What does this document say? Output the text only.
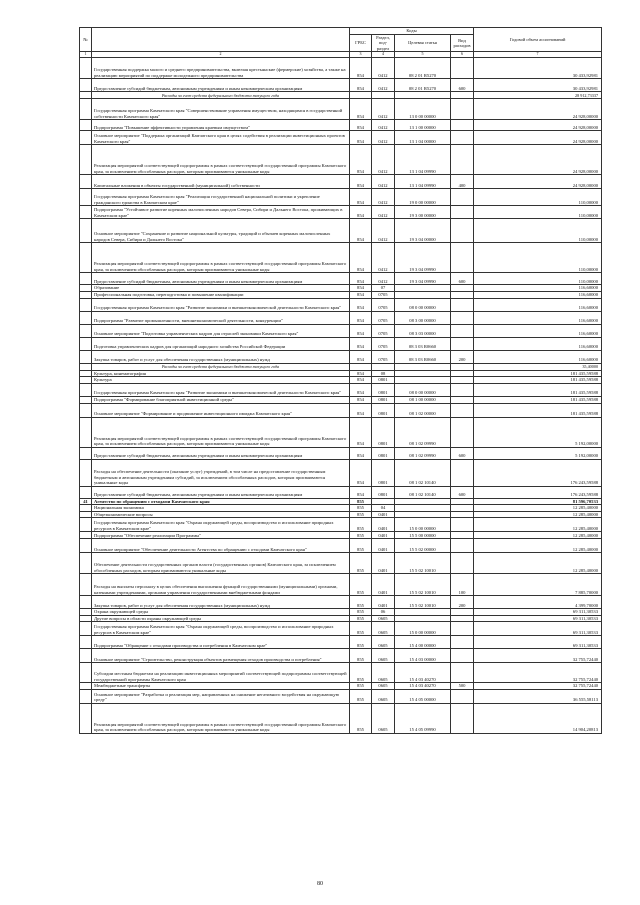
№		Коды				Годовой объем ассигнований
		ГРБС	Раздел, под-раздел	Целевая статья	Вид расходов	
1	2	3	4	5	6	7
	Государственная поддержка малого и среднего предпринимательства, включая крестьянские (фермерские) хозяйства, а также на реализацию мероприятий по поддержке молодежного предпринимательства	854	0412	08 2 01 R5270		30 433,92981
	Предоставление субсидий бюджетным, автономным учреждениям и иным некоммерческим организациям	854	0412	08 2 01 R5270	600	30 433,92981
	Расходы за счет средств федерального бюджета текущего года					28 912,73337
	Государственная программа Камчатского края "Совершенствование управления имуществом, находящимся в государственной собственности Камчатского края"	854	0412	13 0 00 00000		24 928,00000
	Подпрограмма "Повышение эффективности управления краевым имуществом"	854	0412	13 1 00 00000		24 928,00000
	Основное мероприятие "Поддержка организаций Камчатского края в целях содействия в реализации инвестиционных проектов Камчатского края"	854	0412	13 1 04 00000		24 928,00000
	Реализация мероприятий соответствующей подпрограммы в рамках соответствующей государственной программы Камчатского края, за исключением обособленных расходов, которым присваиваются уникальные коды	854	0412	13 1 04 09990		24 928,00000
	Капитальные вложения в объекты государственной (муниципальной) собственности	854	0412	13 1 04 09990	400	24 928,00000
	Государственная программа Камчатского края "Реализация государственной национальной политики и укрепление гражданского единства в Камчатском крае"	854	0412	19 0 00 00000		110,00000
	Подпрограмма "Устойчивое развитие коренных малочисленных народов Севера, Сибири и Дальнего Востока, проживающих в Камчатском крае"	854	0412	19 3 00 00000		110,00000
	Основное мероприятие "Сохранение и развитие национальной культуры, традиций и обычаев коренных малочисленных народов Севера, Сибири и Дальнего Востока"	854	0412	19 3 04 00000		110,00000
	Реализация мероприятий соответствующей подпрограммы в рамках соответствующей государственной программы Камчатского края, за исключением обособленных расходов, которым присваиваются уникальные коды	854	0412	19 3 04 09990		110,00000
	Предоставление субсидий бюджетным, автономным учреждениям и иным некоммерческим организациям	854	0412	19 3 04 09990	600	110,00000
	Образование	854	07			116,60000
	Профессиональная подготовка, переподготовка и повышение квалификации	854	0705			116,60000
	Государственная программа Камчатского края "Развитие экономики и внешнеэкономической деятельности Камчатского края"	854	0705	08 0 00 00000		116,60000
	Подпрограмма "Развитие промышленности, внешнеэкономической деятельности, конкуренции"	854	0705	08 3 00 00000		116,60000
	Основное мероприятие "Подготовка управленческих кадров для отраслей экономики Камчатского края"	854	0705	08 3 03 00000		116,60000
	Подготовка управленческих кадров для организаций народного хозяйства Российской Федерации	854	0705	08 3 03 R0660		116,60000
	Закупка товаров, работ и услуг для обеспечения государственных (муниципальных) нужд	854	0705	08 3 03 R0660	200	116,60000
	Расходы за счет средств федерального бюджета текущего года					35,40000
	Культура, кинематография	854	08			181 435,59588
	Культура	854	0801			181 435,59588
	Государственная программа Камчатского края "Развитие экономики и внешнеэкономической деятельности Камчатского края"	854	0801	08 0 00 00000		181 435,59588
	Подпрограмма "Формирование благоприятной инвестиционной среды"	854	0801	08 1 00 00000		181 435,59588
	Основное мероприятие "Формирование и продвижение инвестиционного имиджа Камчатского края"	854	0801	08 1 02 00000		181 435,59588
	Реализация мероприятий соответствующей подпрограммы в рамках соответствующей государственной программы Камчатского края, за исключением обособленных расходов, которым присваиваются уникальные коды	854	0801	08 1 02 09990		5 192,00000
	Предоставление субсидий бюджетным, автономным учреждениям и иным некоммерческим организациям	854	0801	08 1 02 09990	600	5 192,00000
	Расходы на обеспечение деятельности (оказание услуг) учреждений, в том числе на предоставление государственным бюджетным и автономным учреждениям субсидий, за исключением обособленных расходов, которым присваиваются уникальные коды	854	0801	08 1 02 10140		176 243,59588
	Предоставление субсидий бюджетным, автономным учреждениям и иным некоммерческим организациям	854	0801	08 1 02 10140	600	176 243,59588
41	Агентство по обращению с отходами Камчатского края	855				81 596,70533
	Национальная экономика	855	04			12 285,40000
	Общеэкономические вопросы	855	0401			12 285,40000
	Государственная программа Камчатского края "Охрана окружающей среды, воспроизводство и использование природных ресурсов в Камчатском крае"	855	0401	15 0 00 00000		12 285,40000
	Подпрограмма "Обеспечение реализации Программы"	855	0401	15 5 00 00000		12 285,40000
	Основное мероприятие "Обеспечение деятельности Агентства по обращению с отходами Камчатского края"	855	0401	15 5 02 00000		12 285,40000
	Обеспечение деятельности государственных органов власти (государственных органов) Камчатского края, за исключением обособленных расходов, которым присваиваются уникальные коды	855	0401	15 5 02 10010		12 285,40000
	Расходы на выплаты персоналу в целях обеспечения выполнения функций государственными (муниципальными) органами, казенными учреждениями, органами управления государственными внебюджетными фондами	855	0401	15 5 02 10010	100	7 885,70000
	Закупка товаров, работ и услуг для обеспечения государственных (муниципальных) нужд	855	0401	15 5 02 10010	200	4 399,70000
	Охрана окружающей среды	855	06			69 311,30533
	Другие вопросы в области охраны окружающей среды	855	0605			69 311,30533
	Государственная программа Камчатского края "Охрана окружающей среды, воспроизводство и использование природных ресурсов в Камчатском крае"	855	0605	15 0 00 00000		69 311,30533
	Подпрограмма "Обращение с отходами производства и потребления в Камчатском крае"	855	0605	15 4 00 00000		69 311,30533
	Основное мероприятие "Строительство, реконструкция объектов размещения отходов производства и потребления"	855	0605	15 4 03 00000		32 755,72440
	Субсидии местным бюджетам на реализацию инвестиционных мероприятий соответствующей подпрограммы соответствующей государственной программы Камчатского края	855	0605	15 4 03 40270		32 755,72440
	Межбюджетные трансферты	855	0605	15 4 03 40270	500	32 755,72440
	Основное мероприятие "Разработка и реализация мер, направленных на снижение негативного воздействия на окружающую среду"	855	0605	15 4 05 00000		36 555,58113
	Реализация мероприятий соответствующей подпрограммы в рамках соответствующей государственной программы Камчатского края, за исключением обособленных расходов, которым присваиваются уникальные коды	855	0605	15 4 05 09990		14 904,20813
80
